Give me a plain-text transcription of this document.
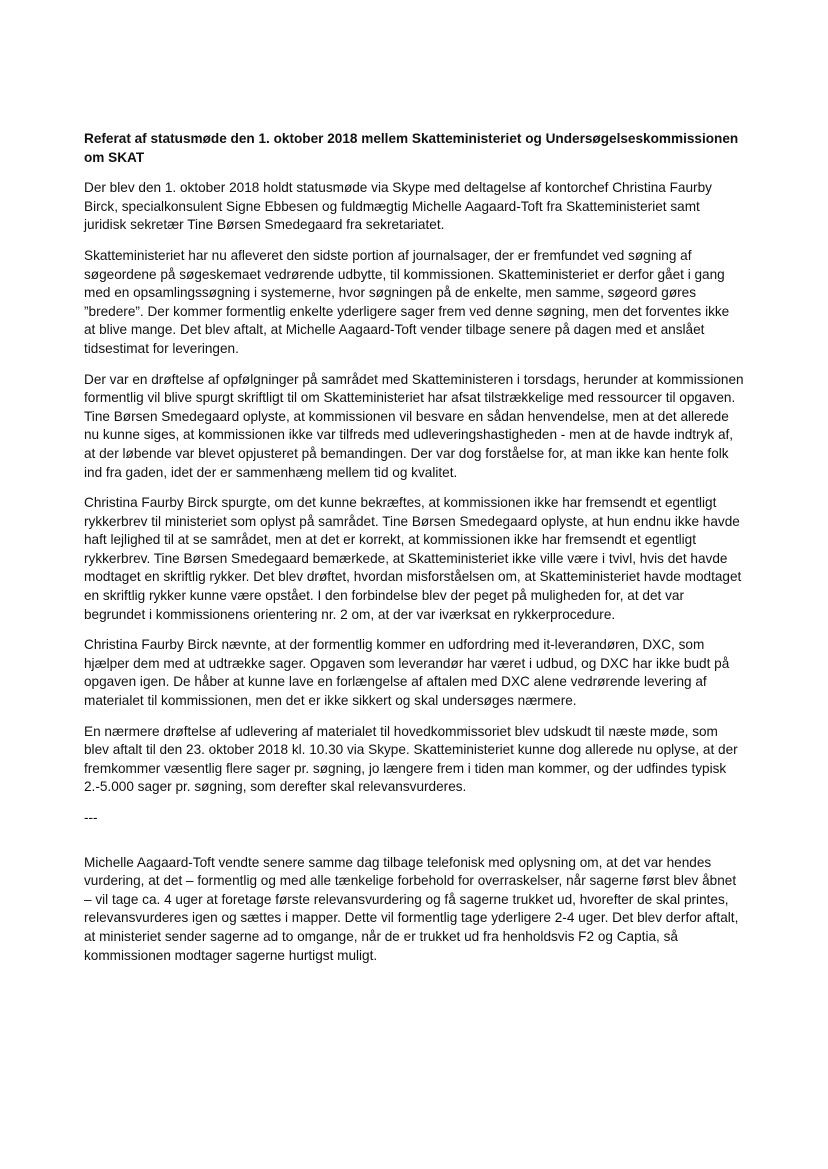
Referat af statusmøde den 1. oktober 2018 mellem Skatteministeriet og Undersøgelseskommissionen om SKAT
Der blev den 1. oktober 2018 holdt statusmøde via Skype med deltagelse af kontorchef Christina Faurby Birck, specialkonsulent Signe Ebbesen og fuldmægtig Michelle Aagaard-Toft fra Skatteministeriet samt juridisk sekretær Tine Børsen Smedegaard fra sekretariatet.
Skatteministeriet har nu afleveret den sidste portion af journalsager, der er fremfundet ved søgning af søgeordene på søgeskemaet vedrørende udbytte, til kommissionen. Skatteministeriet er derfor gået i gang med en opsamlingssøgning i systemerne, hvor søgningen på de enkelte, men samme, søgeord gøres ”bredere”. Der kommer formentlig enkelte yderligere sager frem ved denne søgning, men det forventes ikke at blive mange. Det blev aftalt, at Michelle Aagaard-Toft vender tilbage senere på dagen med et anslået tidsestimat for leveringen.
Der var en drøftelse af opfølgninger på samrådet med Skatteministeren i torsdags, herunder at kommissionen formentlig vil blive spurgt skriftligt til om Skatteministeriet har afsat tilstrækkelige med ressourcer til opgaven. Tine Børsen Smedegaard oplyste, at kommissionen vil besvare en sådan henvendelse, men at det allerede nu kunne siges, at kommissionen ikke var tilfreds med udleveringshastigheden - men at de havde indtryk af, at der løbende var blevet opjusteret på bemandingen. Der var dog forståelse for, at man ikke kan hente folk ind fra gaden, idet der er sammenhæng mellem tid og kvalitet.
Christina Faurby Birck spurgte, om det kunne bekræftes, at kommissionen ikke har fremsendt et egentligt rykkerbrev til ministeriet som oplyst på samrådet. Tine Børsen Smedegaard oplyste, at hun endnu ikke havde haft lejlighed til at se samrådet, men at det er korrekt, at kommissionen ikke har fremsendt et egentligt rykkerbrev. Tine Børsen Smedegaard bemærkede, at Skatteministeriet ikke ville være i tvivl, hvis det havde modtaget en skriftlig rykker. Det blev drøftet, hvordan misforståelsen om, at Skatteministeriet havde modtaget en skriftlig rykker kunne være opstået. I den forbindelse blev der peget på muligheden for, at det var begrundet i kommissionens orientering nr. 2 om, at der var iværksat en rykkerprocedure.
Christina Faurby Birck nævnte, at der formentlig kommer en udfordring med it-leverandøren, DXC, som hjælper dem med at udtrække sager. Opgaven som leverandør har været i udbud, og DXC har ikke budt på opgaven igen. De håber at kunne lave en forlængelse af aftalen med DXC alene vedrørende levering af materialet til kommissionen, men det er ikke sikkert og skal undersøges nærmere.
En nærmere drøftelse af udlevering af materialet til hovedkommissoriet blev udskudt til næste møde, som blev aftalt til den 23. oktober 2018 kl. 10.30 via Skype. Skatteministeriet kunne dog allerede nu oplyse, at der fremkommer væsentlig flere sager pr. søgning, jo længere frem i tiden man kommer, og der udfindes typisk 2.-5.000 sager pr. søgning, som derefter skal relevansvurderes.
---
Michelle Aagaard-Toft vendte senere samme dag tilbage telefonisk med oplysning om, at det var hendes vurdering, at det – formentlig og med alle tænkelige forbehold for overraskelser, når sagerne først blev åbnet – vil tage ca. 4 uger at foretage første relevansvurdering og få sagerne trukket ud, hvorefter de skal printes, relevansvurderes igen og sættes i mapper. Dette vil formentlig tage yderligere 2-4 uger. Det blev derfor aftalt, at ministeriet sender sagerne ad to omgange, når de er trukket ud fra henholdsvis F2 og Captia, så kommissionen modtager sagerne hurtigst muligt.
